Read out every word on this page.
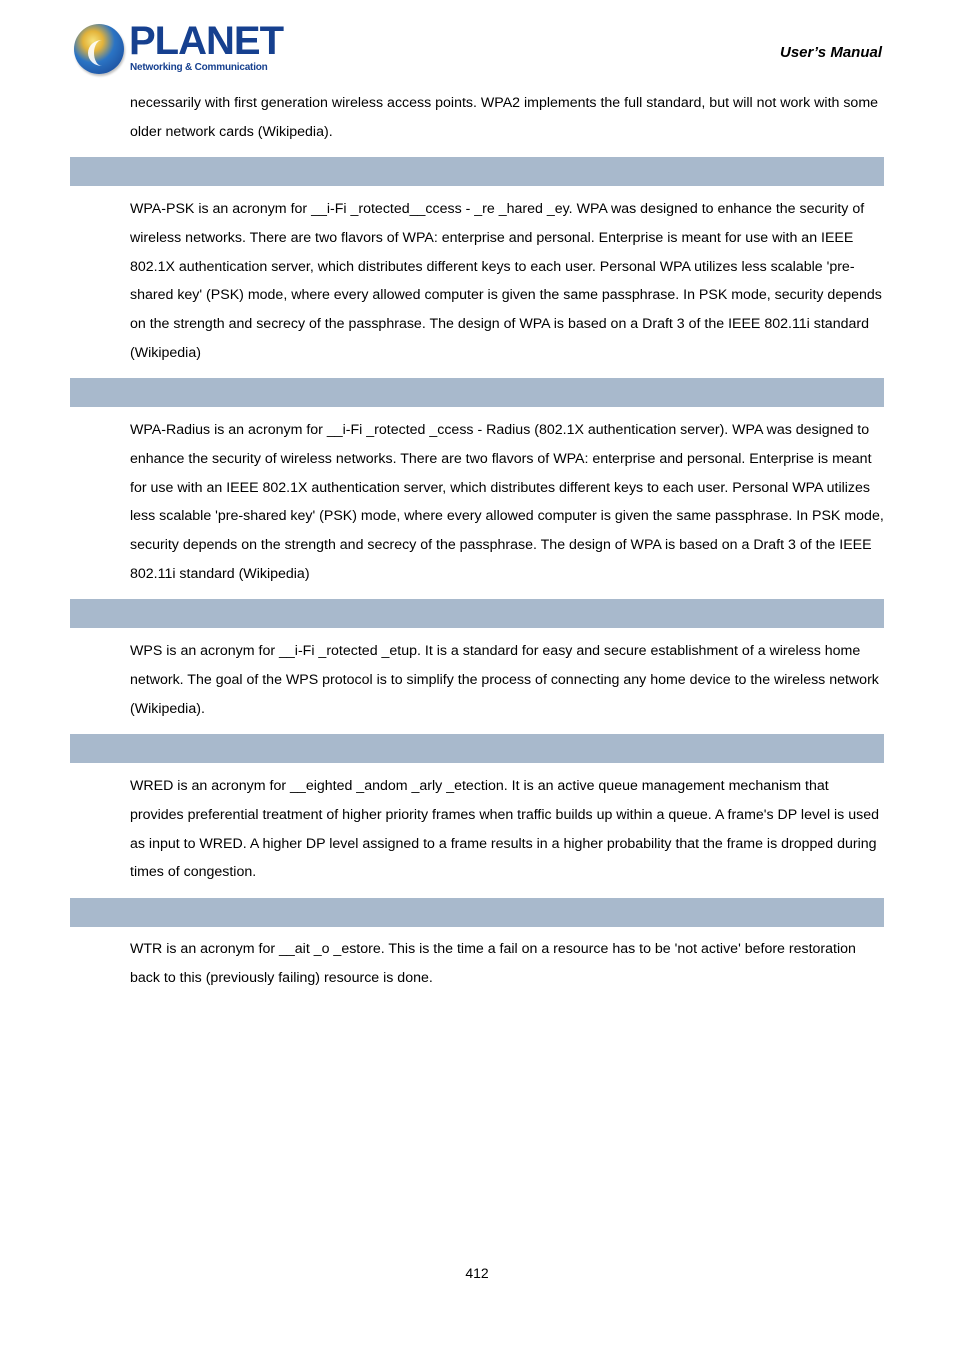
PLANET
Networking & Communication
User’s Manual

necessarily with first generation wireless access points. WPA2 implements the full standard, but will not work with some older network cards (Wikipedia).

WPA-PSK is an acronym for __i-Fi _rotected__ccess - _re _hared _ey. WPA was designed to enhance the security of wireless networks. There are two flavors of WPA: enterprise and personal. Enterprise is meant for use with an IEEE 802.1X authentication server, which distributes different keys to each user. Personal WPA utilizes less scalable 'pre-shared key' (PSK) mode, where every allowed computer is given the same passphrase. In PSK mode, security depends on the strength and secrecy of the passphrase. The design of WPA is based on a Draft 3 of the IEEE 802.11i standard (Wikipedia)

WPA-Radius is an acronym for __i-Fi _rotected _ccess - Radius (802.1X authentication server). WPA was designed to enhance the security of wireless networks. There are two flavors of WPA: enterprise and personal. Enterprise is meant for use with an IEEE 802.1X authentication server, which distributes different keys to each user. Personal WPA utilizes less scalable 'pre-shared key' (PSK) mode, where every allowed computer is given the same passphrase. In PSK mode, security depends on the strength and secrecy of the passphrase. The design of WPA is based on a Draft 3 of the IEEE 802.11i standard (Wikipedia)

WPS is an acronym for __i-Fi _rotected _etup. It is a standard for easy and secure establishment of a wireless home network. The goal of the WPS protocol is to simplify the process of connecting any home device to the wireless network (Wikipedia).

WRED is an acronym for __eighted _andom _arly _etection. It is an active queue management mechanism that provides preferential treatment of higher priority frames when traffic builds up within a queue. A frame's DP level is used as input to WRED. A higher DP level assigned to a frame results in a higher probability that the frame is dropped during times of congestion.

WTR is an acronym for __ait _o _estore. This is the time a fail on a resource has to be 'not active' before restoration back to this (previously failing) resource is done.

412
